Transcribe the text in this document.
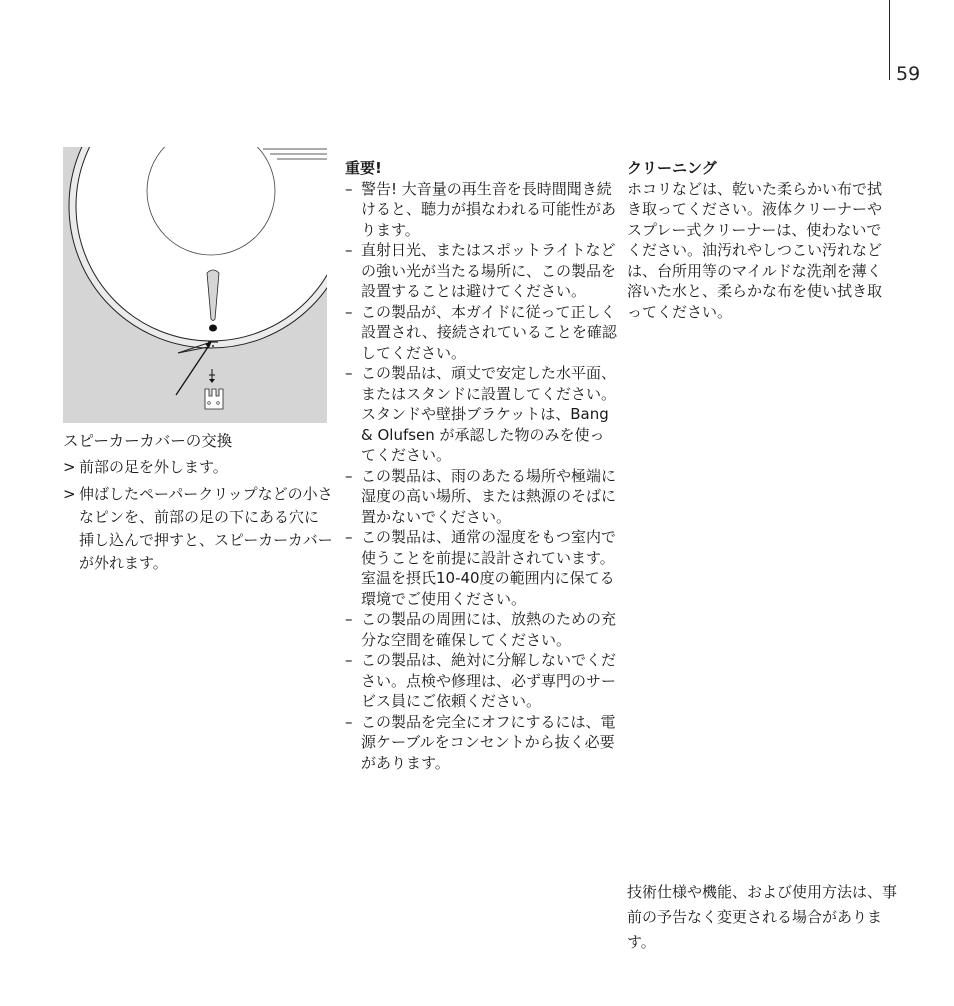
59
スピーカーカバーの交換
> 前部の足を外します。
> 伸ばしたペーパークリップなどの小さなピンを、前部の足の下にある穴に挿し込んで押すと、スピーカーカバーが外れます。
重要!
– 警告! 大音量の再生音を長時間聞き続けると、聴力が損なわれる可能性があります。
– 直射日光、またはスポットライトなどの強い光が当たる場所に、この製品を設置することは避けてください。
– この製品が、本ガイドに従って正しく設置され、接続されていることを確認してください。
– この製品は、頑丈で安定した水平面、またはスタンドに設置してください。スタンドや壁掛ブラケットは、Bang & Olufsen が承認した物のみを使ってください。
– この製品は、雨のあたる場所や極端に湿度の高い場所、または熱源のそばに置かないでください。
– この製品は、通常の湿度をもつ室内で使うことを前提に設計されています。室温を摂氏10-40度の範囲内に保てる環境でご使用ください。
– この製品の周囲には、放熱のための充分な空間を確保してください。
– この製品は、絶対に分解しないでください。点検や修理は、必ず専門のサービス員にご依頼ください。
– この製品を完全にオフにするには、電源ケーブルをコンセントから抜く必要があります。
クリーニング
ホコリなどは、乾いた柔らかい布で拭き取ってください。液体クリーナーやスプレー式クリーナーは、使わないでください。油汚れやしつこい汚れなどは、台所用等のマイルドな洗剤を薄く溶いた水と、柔らかな布を使い拭き取ってください。
技術仕様や機能、および使用方法は、事前の予告なく変更される場合があります。
